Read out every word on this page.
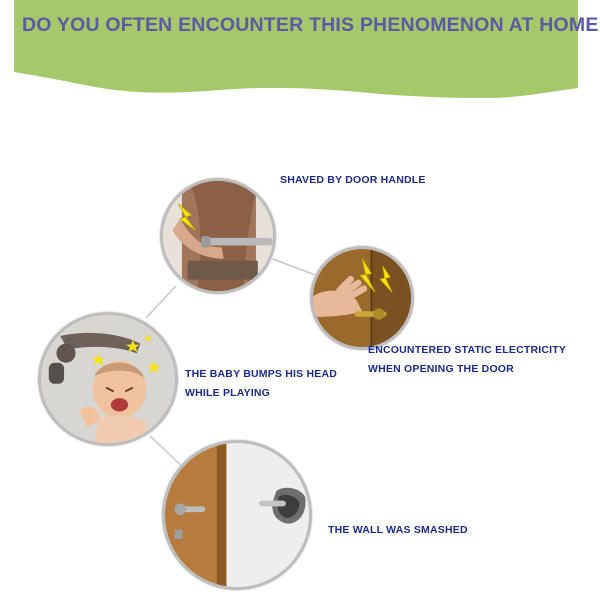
DO YOU OFTEN ENCOUNTER THIS PHENOMENON AT HOME
SHAVED BY DOOR HANDLE
ENCOUNTERED STATIC ELECTRICITY
WHEN OPENING THE DOOR
THE BABY BUMPS HIS HEAD
WHILE PLAYING
THE WALL WAS SMASHED
